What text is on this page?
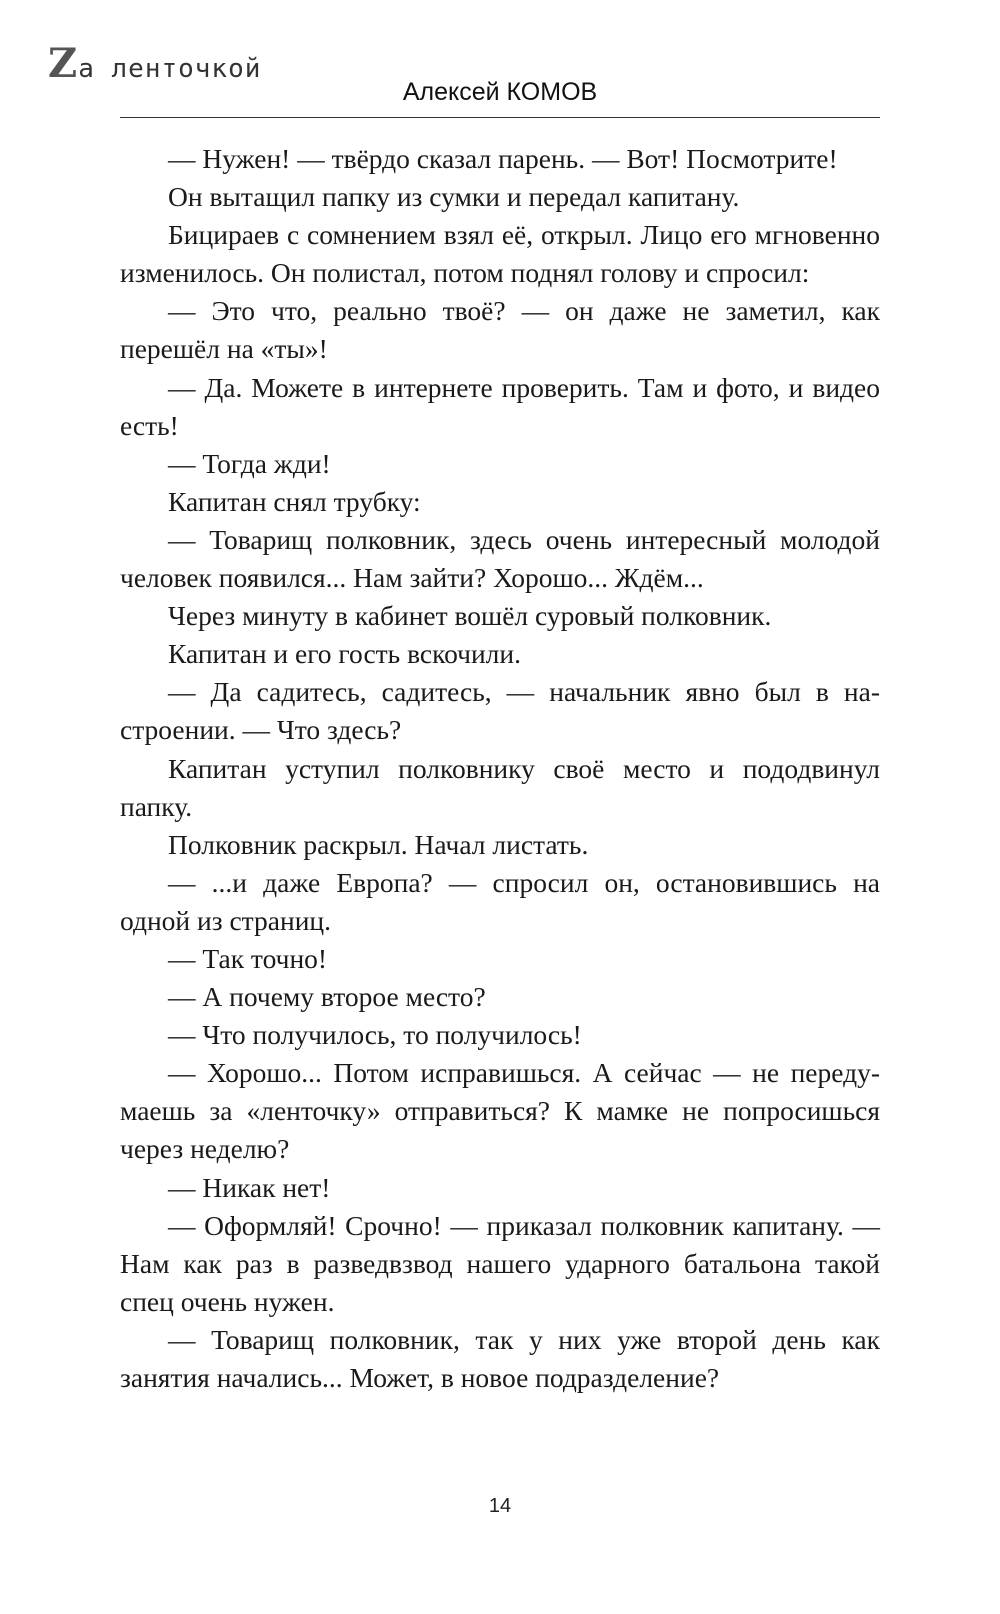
Zа ленточкой
Алексей КОМОВ

— Нужен! — твёрдо сказал парень. — Вот! Посмотрите!

Он вытащил папку из сумки и передал капитану.

Бициpаев с сомнением взял её, открыл. Лицо его мгновенно изменилось. Он полистал, потом поднял голову и спросил:

— Это что, реально твоё? — он даже не заметил, как перешёл на «ты»!

— Да. Можете в интернете проверить. Там и фото, и видео есть!

— Тогда жди!

Капитан снял трубку:

— Товарищ полковник, здесь очень интересный молодой человек появился... Нам зайти? Хорошо... Ждём...

Через минуту в кабинет вошёл суровый полковник.

Капитан и его гость вскочили.

— Да садитесь, садитесь, — начальник явно был в настроении. — Что здесь?

Капитан уступил полковнику своё место и пододвинул папку.

Полковник раскрыл. Начал листать.

— ...и даже Европа? — спросил он, остановившись на одной из страниц.

— Так точно!

— А почему второе место?

— Что получилось, то получилось!

— Хорошо... Потом исправишься. А сейчас — не передумаешь за «ленточку» отправиться? К мамке не попросишься через неделю?

— Никак нет!

— Оформляй! Срочно! — приказал полковник капитану. — Нам как раз в разведвзвод нашего ударного батальона такой спец очень нужен.

— Товарищ полковник, так у них уже второй день как занятия начались... Может, в новое подразделение?

14
